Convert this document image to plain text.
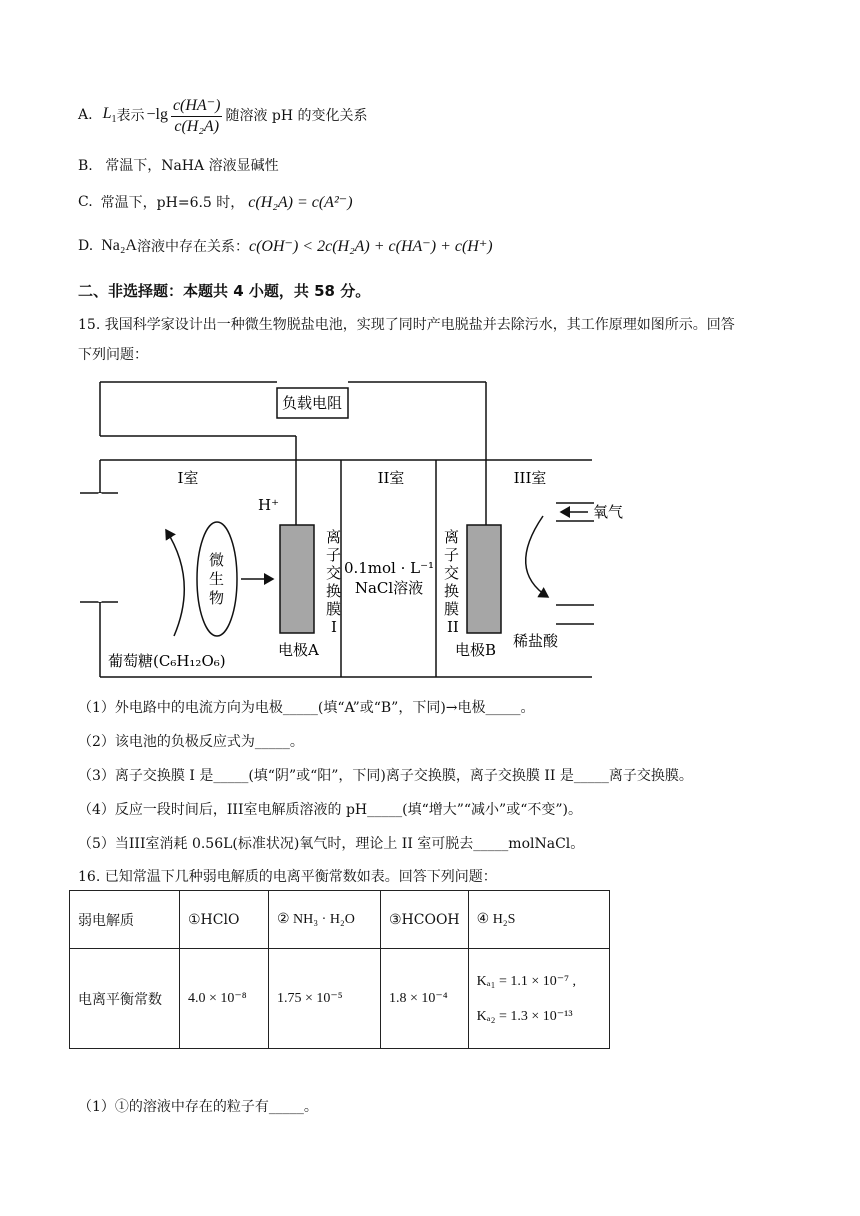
A. $L_1$ 表示 $-\lg \frac{c(HA^-)}{\text{c(H₂A)}}$ 随溶液 pH 的变化关系
B. 常温下，NaHA 溶液显碱性
C. 常温下，pH=6.5 时， c(H₂A) = c(A²⁻)
D. Na₂A 溶液中存在关系： c(OH⁻) < 2c(H₂A) + c(HA⁻) + c(H⁺)
二、非选择题：本题共 4 小题，共 58 分。
15. 我国科学家设计出一种微生物脱盐电池，实现了同时产电脱盐并去除污水，其工作原理如图所示。回答
下列问题：
负载电阻
I室	II室	III室
H⁺
离
子
交
换
膜
I
离
子
交
换
膜
II
0.1mol · L⁻¹
NaCl溶液
微
生
物
氧气
葡萄糖(C₆H₁₂O₆)
电极A	电极B 稀盐酸
（1）外电路中的电流方向为电极_____(填“A”或“B”，下同)→电极_____。
（2）该电池的负极反应式为_____。
（3）离子交换膜 I 是_____(填“阴”或“阳”，下同)离子交换膜，离子交换膜 II 是_____离子交换膜。
（4）反应一段时间后，III室电解质溶液的 pH_____(填“增大”“减小”或“不变”)。
（5）当III室消耗 0.56L(标准状况)氧气时，理论上 II 室可脱去_____molNaCl。
16. 已知常温下几种弱电解质的电离平衡常数如表。回答下列问题：
弱电解质	①HClO	② NH₃ · H₂O	③HCOOH	④ H₂S
电离平衡常数	4.0 × 10⁻⁸	1.75 × 10⁻⁵	1.8 × 10⁻⁴	Kₐ₁ = 1.1 × 10⁻⁷ ,
Kₐ₂ = 1.3 × 10⁻¹³
（1）①的溶液中存在的粒子有_____。
